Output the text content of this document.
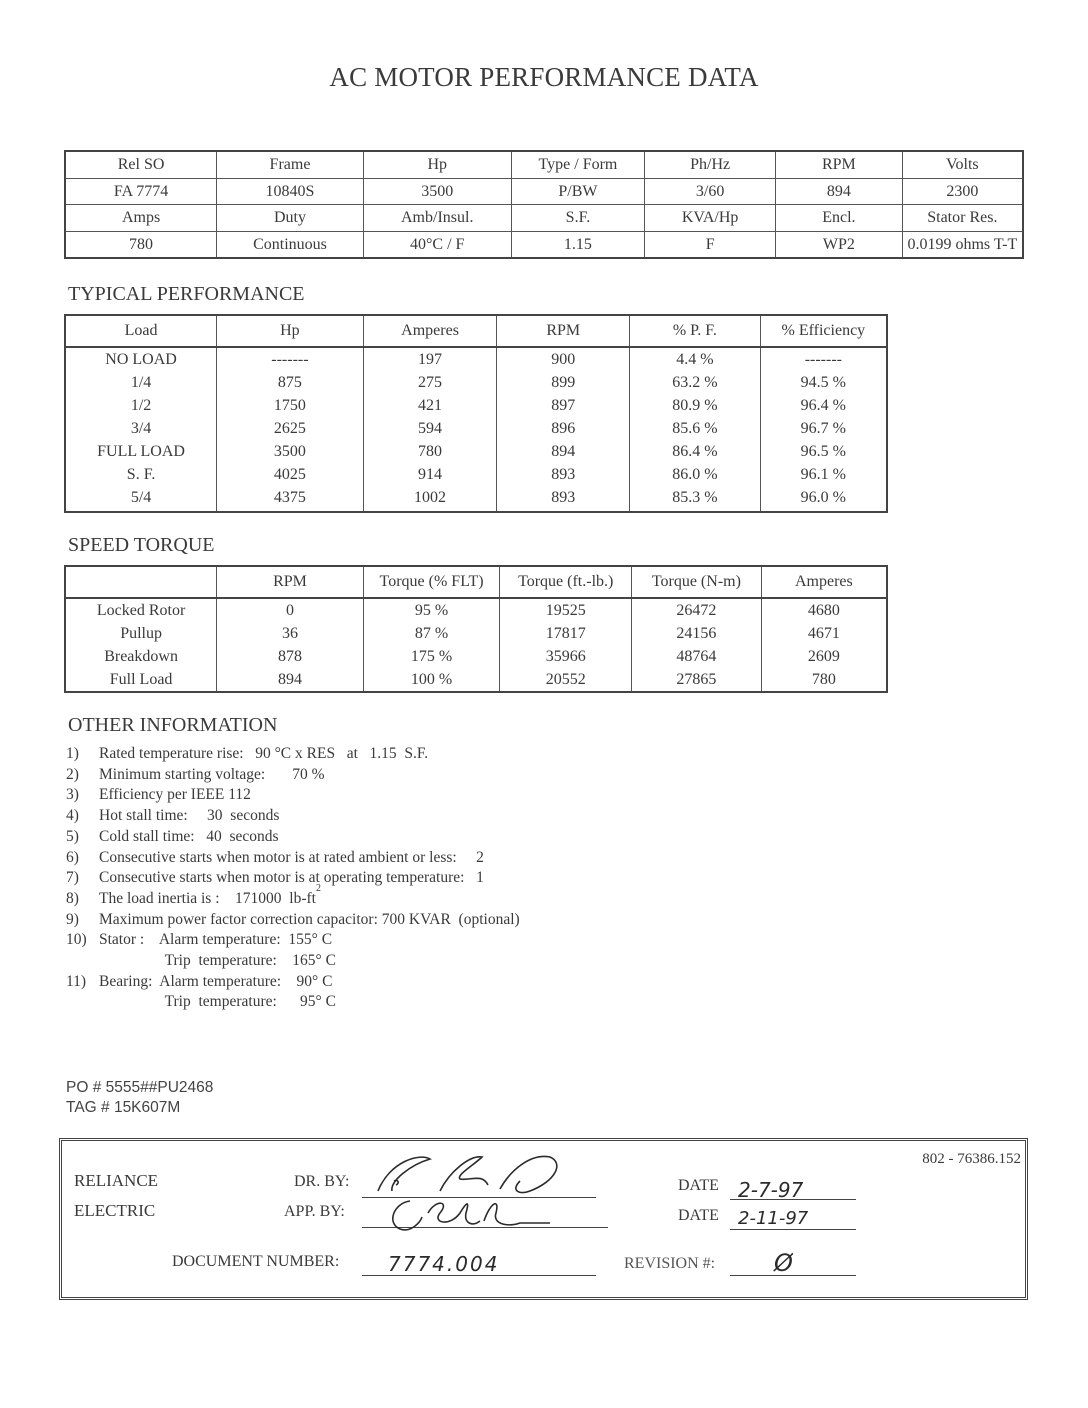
AC MOTOR PERFORMANCE DATA
Rel SO	Frame	Hp	Type / Form	Ph/Hz	RPM	Volts
FA 7774	10840S	3500	P/BW	3/60	894	2300
Amps	Duty	Amb/Insul.	S.F.	KVA/Hp	Encl.	Stator Res.
780	Continuous	40°C / F	1.15	F	WP2	0.0199 ohms T-T
TYPICAL PERFORMANCE
Load	Hp	Amperes	RPM	% P. F.	% Efficiency
NO LOAD	-------	197	900	4.4 %	-------
1/4	875	275	899	63.2 %	94.5 %
1/2	1750	421	897	80.9 %	96.4 %
3/4	2625	594	896	85.6 %	96.7 %
FULL LOAD	3500	780	894	86.4 %	96.5 %
S. F.	4025	914	893	86.0 %	96.1 %
5/4	4375	1002	893	85.3 %	96.0 %
SPEED TORQUE
	RPM	Torque (% FLT)	Torque (ft.-lb.)	Torque (N-m)	Amperes
Locked Rotor	0	95 %	19525	26472	4680
Pullup	36	87 %	17817	24156	4671
Breakdown	878	175 %	35966	48764	2609
Full Load	894	100 %	20552	27865	780
OTHER INFORMATION
1)	Rated temperature rise:   90 °C x RES   at   1.15  S.F.
2)	Minimum starting voltage:       70 %
3)	Efficiency per IEEE 112
4)	Hot stall time:     30  seconds
5)	Cold stall time:   40  seconds
6)	Consecutive starts when motor is at rated ambient or less:     2
7)	Consecutive starts when motor is at operating temperature:   1
8)	The load inertia is :    171000  lb-ft
2
9)	Maximum power factor correction capacitor: 700 KVAR  (optional)
10) Stator :    Alarm temperature:  155° C
Trip  temperature:    165° C
11) Bearing:  Alarm temperature:    90° C
Trip  temperature:      95° C
PO # 5555##PU2468
TAG # 15K607M
RELIANCE
ELECTRIC
DR. BY:
APP. BY:
DOCUMENT NUMBER: 7774.004
DATE 2-7-97
DATE 2-11-97
REVISION #: Ø
802 - 76386.152
